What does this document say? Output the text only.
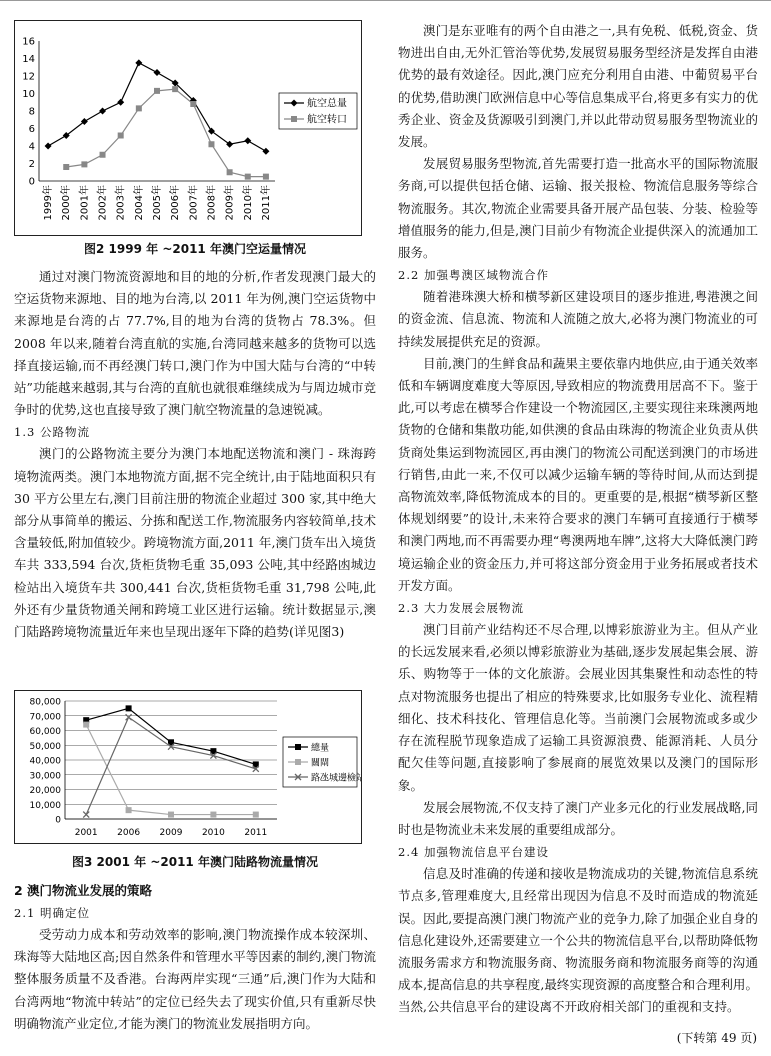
0
2
4
6
8
10
12
14
16
1999年 2000年 2001年 2002年 2003年 2004年 2005年 2006年 2007年 2008年 2009年 2010年 2011年
航空总量
航空转口
图2 1999 年 ~2011 年澳门空运量情况

通过对澳门物流资源地和目的地的分析,作者发现澳门最大的空运货物来源地、目的地为台湾,以 2011 年为例,澳门空运货物中来源地是台湾的占 77.7%,目的地为台湾的货物占 78.3%。但 2008 年以来,随着台湾直航的实施,台湾同越来越多的货物可以选择直接运输,而不再经澳门转口,澳门作为中国大陆与台湾的“中转站”功能越来越弱,其与台湾的直航也就很难继续成为与周边城市竞争时的优势,这也直接导致了澳门航空物流量的急速锐减。

1.3 公路物流

澳门的公路物流主要分为澳门本地配送物流和澳门 - 珠海跨境物流两类。澳门本地物流方面,据不完全统计,由于陆地面积只有 30 平方公里左右,澳门目前注册的物流企业超过 300 家,其中绝大部分从事简单的搬运、分拣和配送工作,物流服务内容较简单,技术含量较低,附加值较少。跨境物流方面,2011 年,澳门货车出入境货车共 333,594 台次,货柜货物毛重 35,093 公吨,其中经路凼城边检站出入境货车共 300,441 台次,货柜货物毛重 31,798 公吨,此外还有少量货物通关闸和跨境工业区进行运输。统计数据显示,澳门陆路跨境物流量近年来也呈现出逐年下降的趋势(详见图3)

0
10,000
20,000
30,000
40,000
50,000
60,000
70,000
80,000
2001 2006 2009 2010 2011
總量
關閘
路氹城邊檢站
图3 2001 年 ~2011 年澳门陆路物流量情况
2 澳门物流业发展的策略
2.1 明确定位

受劳动力成本和劳动效率的影响,澳门物流操作成本较深圳、珠海等大陆地区高;因自然条件和管理水平等因素的制约,澳门物流整体服务质量不及香港。台海两岸实现“三通”后,澳门作为大陆和台湾两地“物流中转站”的定位已经失去了现实价值,只有重新尽快明确物流产业定位,才能为澳门的物流业发展指明方向。

澳门是东亚唯有的两个自由港之一,具有免税、低税,资金、货物进出自由,无外汇管治等优势,发展贸易服务型经济是发挥自由港优势的最有效途径。因此,澳门应充分利用自由港、中葡贸易平台的优势,借助澳门欧洲信息中心等信息集成平台,将更多有实力的优秀企业、资金及货源吸引到澳门,并以此带动贸易服务型物流业的发展。

发展贸易服务型物流,首先需要打造一批高水平的国际物流服务商,可以提供包括仓储、运输、报关报检、物流信息服务等综合物流服务。其次,物流企业需要具备开展产品包装、分装、检验等增值服务的能力,但是,澳门目前少有物流企业提供深入的流通加工服务。

2.2 加强粤澳区域物流合作

随着港珠澳大桥和横琴新区建设项目的逐步推进,粤港澳之间的资金流、信息流、物流和人流随之放大,必将为澳门物流业的可持续发展提供充足的资源。

目前,澳门的生鲜食品和蔬果主要依靠内地供应,由于通关效率低和车辆调度难度大等原因,导致相应的物流费用居高不下。鉴于此,可以考虑在横琴合作建设一个物流园区,主要实现往来珠澳两地货物的仓储和集散功能,如供澳的食品由珠海的物流企业负责从供货商处集运到物流园区,再由澳门的物流公司配送到澳门的市场进行销售,由此一来,不仅可以减少运输车辆的等待时间,从而达到提高物流效率,降低物流成本的目的。更重要的是,根据“横琴新区整体规划纲要”的设计,未来符合要求的澳门车辆可直接通行于横琴和澳门两地,而不再需要办理“粤澳两地车牌”,这将大大降低澳门跨境运输企业的资金压力,并可将这部分资金用于业务拓展或者技术开发方面。

2.3 大力发展会展物流

澳门目前产业结构还不尽合理,以博彩旅游业为主。但从产业的长远发展来看,必须以博彩旅游业为基础,逐步发展起集会展、游乐、购物等于一体的文化旅游。会展业因其集聚性和动态性的特点对物流服务也提出了相应的特殊要求,比如服务专业化、流程精细化、技术科技化、管理信息化等。当前澳门会展物流或多或少存在流程脱节现象造成了运输工具资源浪费、能源消耗、人员分配欠佳等问题,直接影响了参展商的展览效果以及澳门的国际形象。

发展会展物流,不仅支持了澳门产业多元化的行业发展战略,同时也是物流业未来发展的重要组成部分。

2.4 加强物流信息平台建设

信息及时准确的传递和接收是物流成功的关键,物流信息系统节点多,管理难度大,且经常出现因为信息不及时而造成的物流延误。因此,要提高澳门澳门物流产业的竞争力,除了加强企业自身的信息化建设外,还需要建立一个公共的物流信息平台,以帮助降低物流服务需求方和物流服务商、物流服务商和物流服务商等的沟通成本,提高信息的共享程度,最终实现资源的高度整合和合理利用。当然,公共信息平台的建设离不开政府相关部门的重视和支持。

(下转第 49 页)
